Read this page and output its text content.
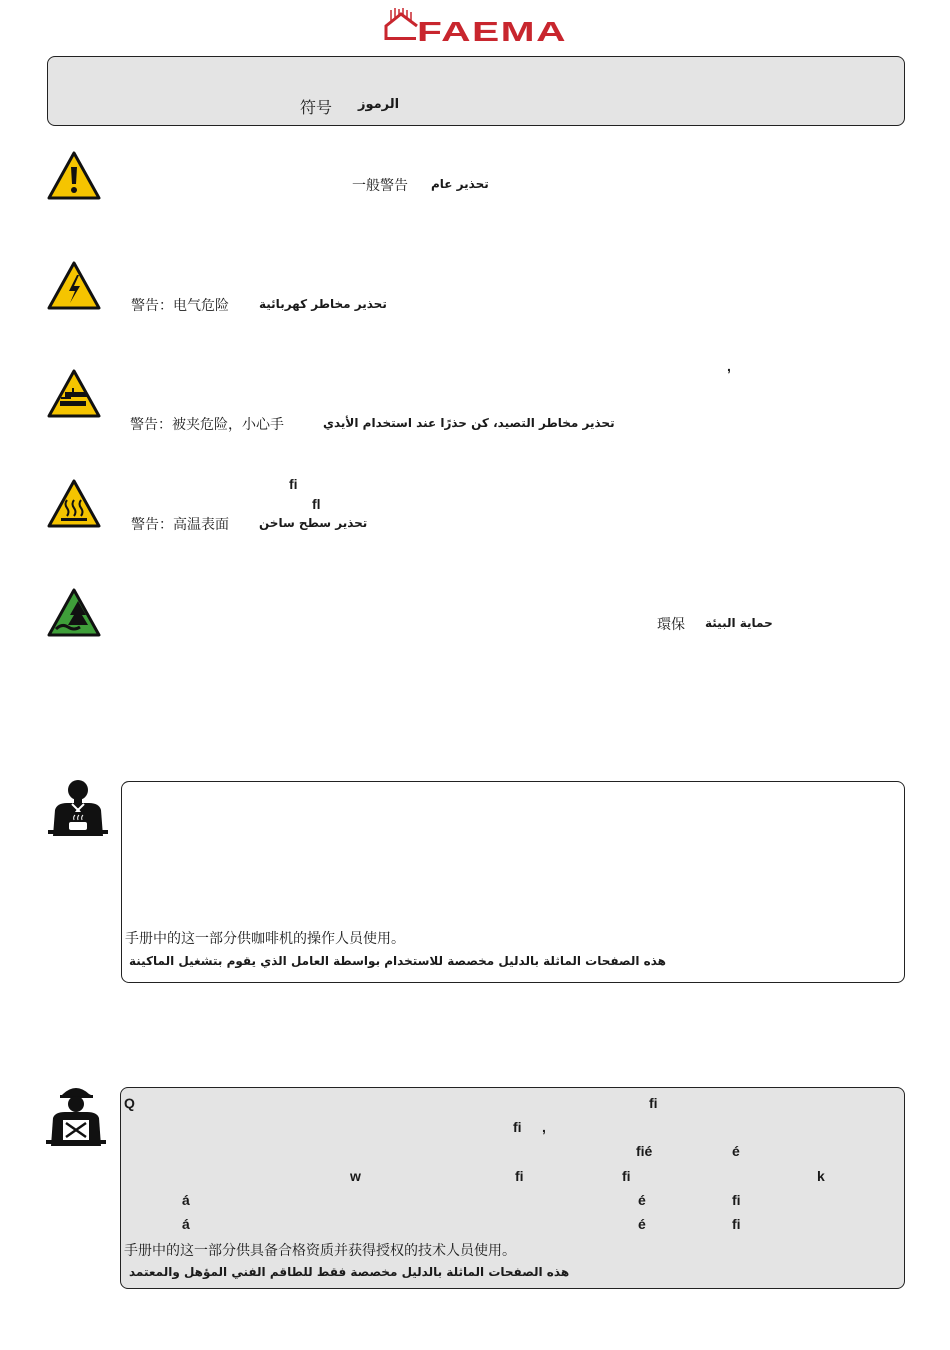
FAEMA
符号 الرموز
一般警告 تحذير عام
警告：电气危险	تحذير مخاطر كهربائية
,
警告：被夹危险，小心手	تحذير مخاطر التصيد، كن حذرًا عند استخدام الأيدي
fi
fl
警告：高温表面	تحذير سطح ساخن
環保 حماية البيئة
手册中的这一部分供咖啡机的操作人员使用。
هذه الصفحات الماثلة بالدليل مخصصة للاستخدام بواسطة العامل الذي يقوم بتشغيل الماكينة
Q	fi
fi ,
fié	é
w	fi	fi	k
á	é	fi
á	é	fi
手册中的这一部分供具备合格资质并获得授权的技术人员使用。
هذه الصفحات الماثلة بالدليل مخصصة فقط للطاقم الفني المؤهل والمعتمد
